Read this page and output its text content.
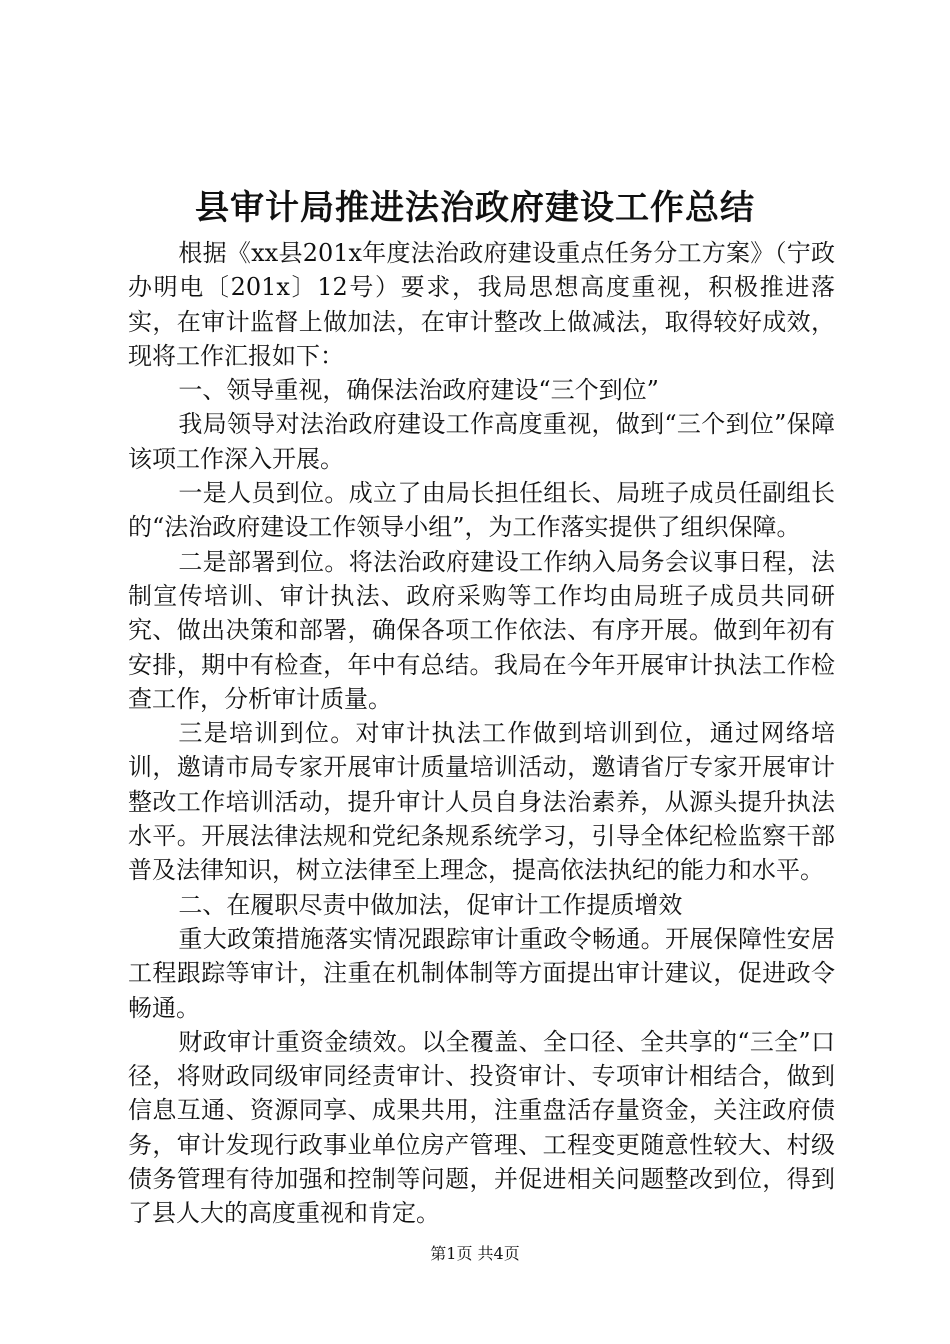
县审计局推进法治政府建设工作总结

根据《xx县201x年度法治政府建设重点任务分工方案》（宁政办明电〔201x〕12号）要求，我局思想高度重视，积极推进落实，在审计监督上做加法，在审计整改上做减法，取得较好成效，现将工作汇报如下：

一、领导重视，确保法治政府建设“三个到位”

我局领导对法治政府建设工作高度重视，做到“三个到位”保障该项工作深入开展。

一是人员到位。成立了由局长担任组长、局班子成员任副组长的“法治政府建设工作领导小组”，为工作落实提供了组织保障。

二是部署到位。将法治政府建设工作纳入局务会议事日程，法制宣传培训、审计执法、政府采购等工作均由局班子成员共同研究、做出决策和部署，确保各项工作依法、有序开展。做到年初有安排，期中有检查，年中有总结。我局在今年开展审计执法工作检查工作，分析审计质量。

三是培训到位。对审计执法工作做到培训到位，通过网络培训，邀请市局专家开展审计质量培训活动，邀请省厅专家开展审计整改工作培训活动，提升审计人员自身法治素养，从源头提升执法水平。开展法律法规和党纪条规系统学习，引导全体纪检监察干部普及法律知识，树立法律至上理念，提高依法执纪的能力和水平。

二、在履职尽责中做加法，促审计工作提质增效

重大政策措施落实情况跟踪审计重政令畅通。开展保障性安居工程跟踪等审计，注重在机制体制等方面提出审计建议，促进政令畅通。

财政审计重资金绩效。以全覆盖、全口径、全共享的“三全”口径，将财政同级审同经责审计、投资审计、专项审计相结合，做到信息互通、资源同享、成果共用，注重盘活存量资金，关注政府债务，审计发现行政事业单位房产管理、工程变更随意性较大、村级债务管理有待加强和控制等问题，并促进相关问题整改到位，得到了县人大的高度重视和肯定。

第1页 共4页
